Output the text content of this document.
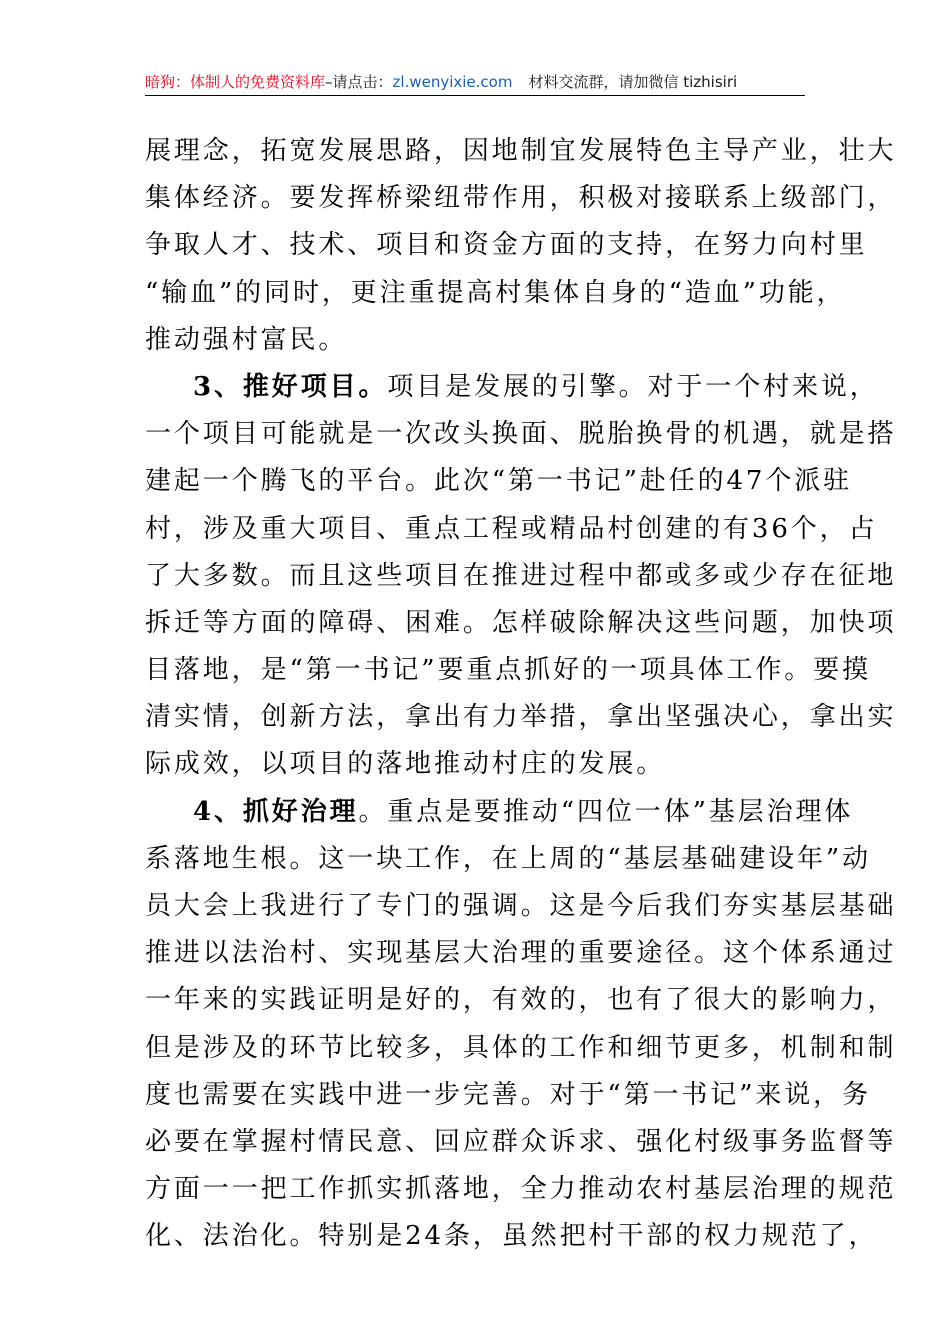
暗狗：体制人的免费资料库–请点击：zl.wenyixie.com 材料交流群，请加微信 tizhisiri
展理念，拓宽发展思路，因地制宜发展特色主导产业，壮大
集体经济。要发挥桥梁纽带作用，积极对接联系上级部门，
争取人才、技术、项目和资金方面的支持，在努力向村里
“输血”的同时，更注重提高村集体自身的“造血”功能，
推动强村富民。
3、推好项目。项目是发展的引擎。对于一个村来说，
一个项目可能就是一次改头换面、脱胎换骨的机遇，就是搭
建起一个腾飞的平台。此次“第一书记”赴任的47个派驻
村，涉及重大项目、重点工程或精品村创建的有36个，占
了大多数。而且这些项目在推进过程中都或多或少存在征地
拆迁等方面的障碍、困难。怎样破除解决这些问题，加快项
目落地，是“第一书记”要重点抓好的一项具体工作。要摸
清实情，创新方法，拿出有力举措，拿出坚强决心，拿出实
际成效，以项目的落地推动村庄的发展。
4、抓好治理。重点是要推动“四位一体”基层治理体
系落地生根。这一块工作，在上周的“基层基础建设年”动
员大会上我进行了专门的强调。这是今后我们夯实基层基础
推进以法治村、实现基层大治理的重要途径。这个体系通过
一年来的实践证明是好的，有效的，也有了很大的影响力，
但是涉及的环节比较多，具体的工作和细节更多，机制和制
度也需要在实践中进一步完善。对于“第一书记”来说，务
必要在掌握村情民意、回应群众诉求、强化村级事务监督等
方面一一把工作抓实抓落地，全力推动农村基层治理的规范
化、法治化。特别是24条，虽然把村干部的权力规范了，
